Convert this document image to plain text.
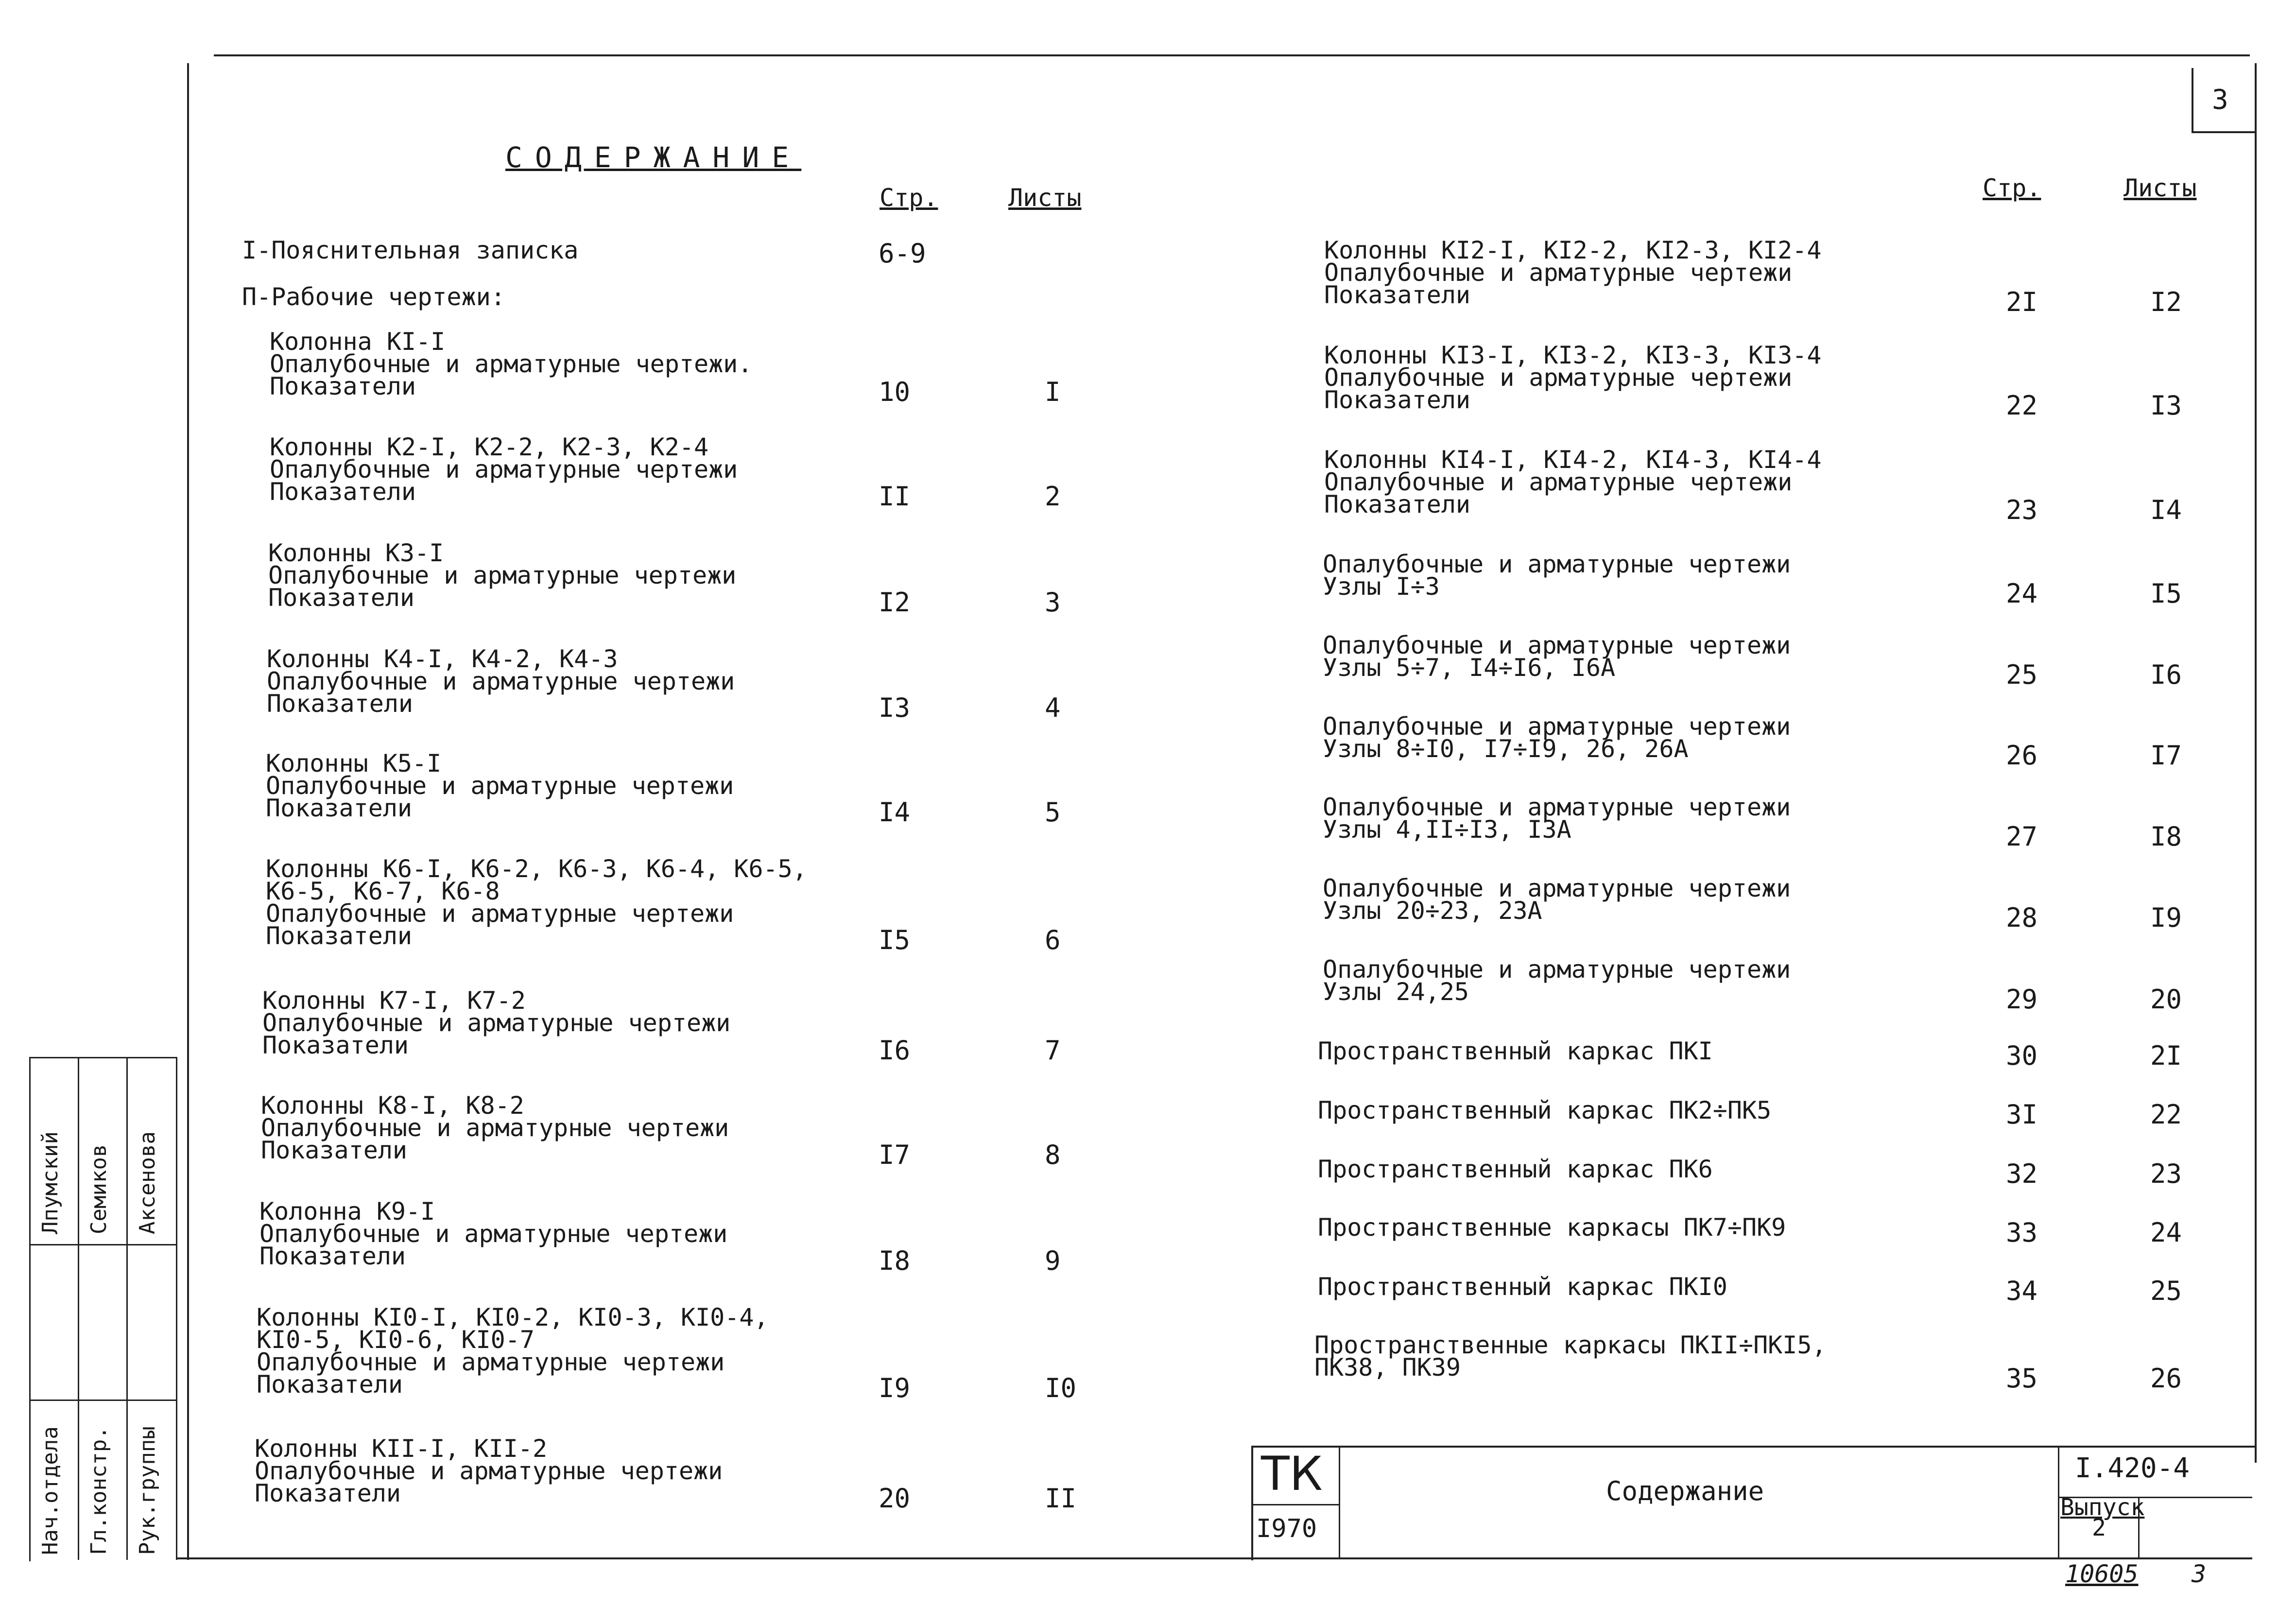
3
СОДЕРЖАНИЕ
Стр.	Листы	Стр.	Листы
I-Пояснительная записка	6-9
П-Рабочие чертежи:
Колонна КI-I
Опалубочные и арматурные чертежи.
Показатели	10	I
Колонны К2-I, К2-2, К2-3, К2-4
Опалубочные и арматурные чертежи
Показатели	II	2
Колонны К3-I
Опалубочные и арматурные чертежи
Показатели	I2	3
Колонны К4-I, К4-2, К4-3
Опалубочные и арматурные чертежи
Показатели	I3	4
Колонны К5-I
Опалубочные и арматурные чертежи
Показатели	I4	5
Колонны К6-I, К6-2, К6-3, К6-4, К6-5,
К6-5, К6-7, К6-8
Опалубочные и арматурные чертежи
Показатели	I5	6
Колонны К7-I, К7-2
Опалубочные и арматурные чертежи
Показатели	I6	7
Колонны К8-I, К8-2
Опалубочные и арматурные чертежи
Показатели	I7	8
Колонна К9-I
Опалубочные и арматурные чертежи
Показатели	I8	9
Колонны КI0-I, КI0-2, КI0-3, КI0-4,
КI0-5, КI0-6, КI0-7
Опалубочные и арматурные чертежи
Показатели	I9	I0
Колонны КII-I, КII-2
Опалубочные и арматурные чертежи
Показатели	20	II
Колонны КI2-I, КI2-2, КI2-3, КI2-4
Опалубочные и арматурные чертежи
Показатели	2I	I2
Колонны КI3-I, КI3-2, КI3-3, КI3-4
Опалубочные и арматурные чертежи
Показатели	22	I3
Колонны КI4-I, КI4-2, КI4-3, КI4-4
Опалубочные и арматурные чертежи
Показатели	23	I4
Опалубочные и арматурные чертежи
Узлы I÷3	24	I5
Опалубочные и арматурные чертежи
Узлы 5÷7, I4÷I6, I6А	25	I6
Опалубочные и арматурные чертежи
Узлы 8÷I0, I7÷I9, 26, 26А	26	I7
Опалубочные и арматурные чертежи
Узлы 4,II÷I3, I3А	27	I8
Опалубочные и арматурные чертежи
Узлы 20÷23, 23А	28	I9
Опалубочные и арматурные чертежи
Узлы 24,25	29	20
Пространственный каркас ПКI	30	2I
Пространственный каркас ПК2÷ПК5	3I	22
Пространственный каркас ПК6	32	23
Пространственные каркасы ПК7÷ПК9	33	24
Пространственный каркас ПКI0	34	25
Пространственные каркасы ПКII÷ПКI5,
ПК38, ПК39	35	26
ТК
I970
Содержание
I.420-4
Выпуск
2
10605 3
Нач.отдела
Лпумский
Гл.констр.
Семиков
Рук.группы
Аксенова
